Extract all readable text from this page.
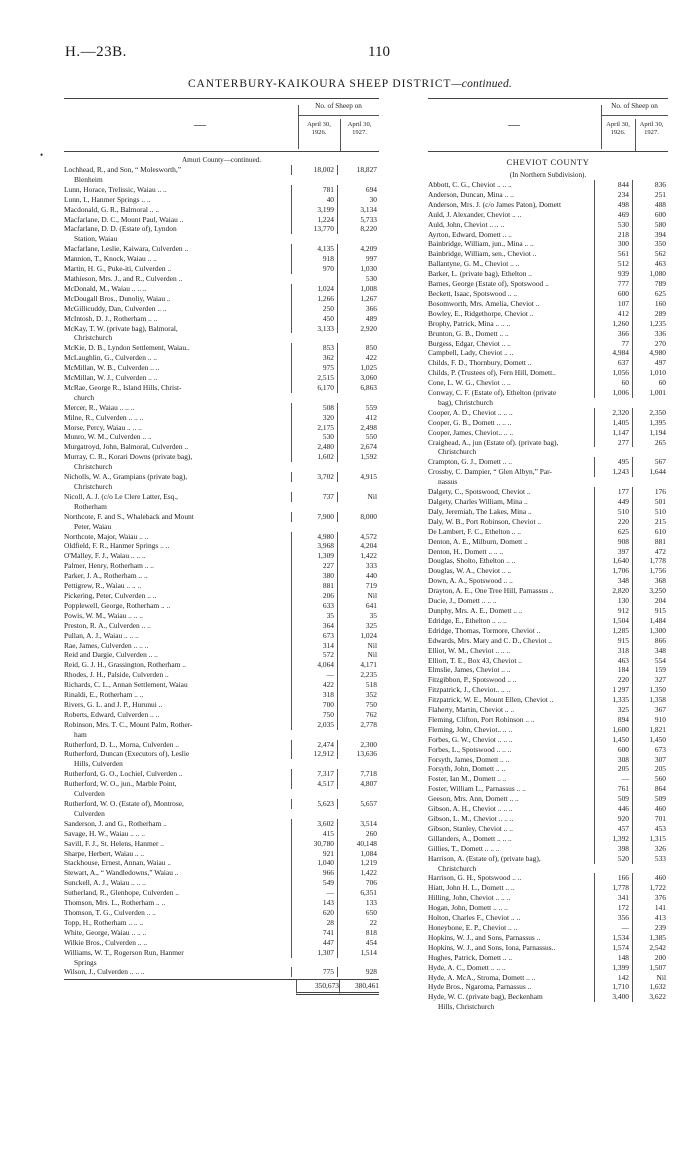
H.—23B.	110
CANTERBURY-KAIKOURA SHEEP DISTRICT—continued.
•
—
No. of Sheep on
April 30,
1926.
April 30,
1927.
Amuri County—continued.
Lochhead, R., and Son, “ Molesworth,”	18,002	18,827
Blenheim
Lunn, Horace, Trelissic, Waiau .. ..	781	694
Lunn, I., Hanmer Springs .. ..	40	30
Macdonald, G. R., Balmoral .. ..	3,199	3,134
Macfarlane, D. C., Mount Paul, Waiau ..	1,224	5,733
Macfarlane, D. D. (Estate of), Lyndon	13,770	8,220
Station, Waiau
Macfarlane, Leslie, Kaiwara, Culverden ..	4,135	4,209
Mannion, T., Knock, Waiau .. ..	918	997
Martin, H. G., Puke-iti, Culverden ..	970	1,030
Mathieson, Mrs. J., and R., Culverden ..	530
McDonald, M., Waiau .. .. ..	1,024	1,008
McDougall Bros., Dunoliy, Waiau ..	1,266	1,267
McGillicuddy, Dan, Culverden .. ..	250	366
McIntosh, D. J., Rotherham .. ..	450	489
McKay, T. W. (private bag), Balmoral,	3,133	2,920
Christchurch
McKie, D. B., Lyndon Settlement, Waiau..	853	850
McLaughlin, G., Culverden .. ..	362	422
McMillan, W. B., Culverden .. ..	975	1,025
McMillan, W. J., Culverden .. ..	2,515	3,060
McRae, George R., Island Hills, Christ-	6,170	6,863
church
Mercer, R., Waiau .. .. ..	508	559
Milne, R., Culverden .. .. ..	320	412
Morse, Percy, Waiau .. .. ..	2,175	2,498
Munro, W. M., Culverden .. ..	530	550
Murgatroyd, John, Balmoral, Culverden ..	2,480	2,674
Murray, C. R., Korari Downs (private bag),	1,602	1,592
Christchurch
Nicholls, W. A., Grampians (private bag),	3,702	4,915
Christchurch
Nicoll, A. J. (c/o Le Clere Latter, Esq.,	737	Nil
Rotherham
Northcote, F. and S., Whaleback and Mount	7,900	8,000
Peter, Waiau
Northcote, Major, Waiau .. ..	4,980	4,572
Oldfield, F. R., Hanmer Springs .. ..	3,968	4,204
O'Malley, F. J., Waiau .. .. ..	1,309	1,422
Palmer, Henry, Rotherham .. ..	227	333
Parker, J. A., Rotherham .. ..	380	440
Pettigrew, R., Waiau .. .. ..	881	719
Pickering, Peter, Culverden .. ..	206	Nil
Popplewell, George, Rotherham .. ..	633	641
Powis, W. M., Waiau .. .. ..	35	35
Preston, R. A., Culverden .. ..	364	325
Pullan, A. J., Waiau .. .. ..	673	1,024
Rae, James, Culverden .. .. ..	314	Nil
Reid and Dargie, Culverden .. ..	572	Nil
Reid, G. J. H., Grassington, Rotherham ..	4,064	4,171
Rhodes, J. H., Palside, Culverden ..	—	2,235
Richards, C. L., Annan Settlement, Waiau	422	518
Rinaldi, E., Rotherham .. ..	318	352
Rivers, G. L. and J. P., Hurunui ..	700	750
Roberts, Edward, Culverden .. ..	750	762
Robinson, Mrs. T. C., Mount Palm, Rother-	2,035	2,778
ham
Rutherford, D. L., Morna, Culverden ..	2,474	2,300
Rutherford, Duncan (Executors of), Leslie	12,912	13,636
Hills, Culverden
Rutherford, G. O., Lochiel, Culverden ..	7,317	7,718
Rutherford, W. O., jun., Marble Point,	4,517	4,807
Culverden
Rutherford, W. O. (Estate of), Montrose,	5,623	5,657
Culverden
Sanderson, J. and G., Rotherham ..	3,602	3,514
Savage, H. W., Waiau .. .. ..	415	260
Savill, F. J., St. Helens, Hanmer ..	30,780	40,148
Sharpe, Herbert, Waiau .. ..	921	1,084
Stackhouse, Ernest, Annan, Waiau ..	1,040	1,219
Stewart, A., “ Wandledowns,” Waiau ..	966	1,422
Sunckell, A. J., Waiau .. .. ..	549	706
Sutherland, R., Glenhope, Culverden ..	—	6,351
Thomson, Mrs. L., Rotherham .. ..	143	133
Thomson, T. G., Culverden .. ..	620	650
Topp, H., Rotherham .. .. ..	28	22
White, George, Waiau .. .. ..	741	818
Wilkie Bros., Culverden .. ..	447	454
Williams, W. T., Rogerson Run, Hanmer	1,307	1,514
Springs
Wilson, J., Culverden .. .. ..	775	928
350,673	380,461
—
No. of Sheep on
April 30,
1926.
April 30,
1927.
CHEVIOT COUNTY
(In Northern Subdivision).
Abbott, C. G., Cheviot .. .. ..	844	836
Anderson, Duncan, Mina .. ..	234	251
Anderson, Mrs. J. (c/o James Paton), Domett	498	488
Auld, J. Alexander, Cheviot .. ..	469	600
Auld, John, Cheviot .. .. ..	530	580
Ayrton, Edward, Domett .. ..	218	394
Bainbridge, William, jun., Mina .. ..	300	350
Bainbridge, William, sen., Cheviot ..	561	562
Ballantyne, G. M., Cheviot .. ..	512	463
Barker, L. (private bag), Ethelton ..	939	1,080
Barnes, George (Estate of), Spotswood ..	777	789
Beckett, Isaac, Spotswood .. ..	600	625
Bosomworth, Mrs. Amelia, Cheviot ..	107	160
Bowley, E., Ridgethorpe, Cheviot ..	412	289
Brophy, Patrick, Mina .. .. ..	1,260	1,235
Brunton, G. B., Domett .. ..	366	336
Burgess, Edgar, Cheviot .. ..	77	270
Campbell, Lady, Cheviot .. ..	4,984	4,980
Childs, F. D., Thornbury, Domett ..	637	497
Childs, P. (Trustees of), Fern Hill, Domett..	1,056	1,010
Cone, L. W. G., Cheviot .. ..	60	60
Conway, C. F. (Estate of), Ethelton (private	1,006	1,001
bag), Christchurch
Cooper, A. D., Cheviot .. .. ..	2,320	2,350
Cooper, G. B., Domett .. .. ..	1,405	1,395
Cooper, James, Cheviot.. .. ..	1,147	1,194
Craighead, A., jun (Estate of). (private bag),	277	265
Christchurch
Crampton, G. J., Domett .. ..	495	567
Crossby, C. Dampier, “ Glen Albyn,” Par-	1,243	1,644
nassus
Dalgety, C., Spotswood, Cheviot ..	177	176
Dalgety, Charles William, Mina ..	449	501
Daly, Jeremiah, The Lakes, Mina ..	510	510
Daly, W. B., Port Robinson, Cheviot ..	220	215
De Lambert, F. C., Ethelton .. ..	625	610
Denton, A. E., Milburn, Domett ..	908	881
Denton, H., Domett .. .. ..	397	472
Douglas, Sholto, Ethelton .. ..	1,640	1,778
Douglas, W. A., Cheviot .. ..	1,706	1,756
Down, A. A., Spotswood .. ..	348	368
Drayton, A. E., One Tree Hill, Parnassus ..	2,820	3,250
Ducie, J., Domett .. .. ..	130	204
Dunphy, Mrs. A. E., Domett .. ..	912	915
Edridge, E., Ethelton .. .. ..	1,504	1,484
Edridge, Thomas, Tormore, Cheviot ..	1,285	1,300
Edwards, Mrs. Mary and C. D., Cheviot ..	915	866
Elliot, W. M., Cheviot .. .. ..	318	348
Elliott, T. E., Box 43, Cheviot ..	463	554
Elmslie, James, Cheviot .. ..	184	159
Fitzgibbon, P., Spotswood .. ..	220	327
Fitzpatrick, J., Cheviot.. .. ..	1 297	1,350
Fitzpatrick, W. E., Mount Ellen, Cheviot ..	1,335	1,358
Flaherty, Martin, Cheviot .. ..	325	367
Fleming, Clifton, Port Robinson .. ..	894	910
Fleming, John, Cheviot.. .. ..	1,600	1,821
Forbes, G. W., Cheviot .. .. ..	1,450	1,450
Forbes, L., Spotswood .. .. ..	600	673
Forsyth, James, Domett .. ..	308	307
Forsyth, John, Domett .. ..	205	205
Foster, Ian M., Domett .. ..	—	560
Foster, William L., Parnassus .. ..	761	864
Geeson, Mrs. Ann, Domett .. ..	509	509
Gibson, A. H., Cheviot .. .. ..	446	460
Gibson, L. M., Cheviot .. .. ..	920	701
Gibson, Stanley, Cheviot .. ..	457	453
Gillanders, A., Domett .. .. ..	1,392	1,315
Gillies, T., Domett .. .. ..	398	326
Harrison, A. (Estate of), (private bag),	520	533
Christchurch
Harrison, G. H., Spotswood .. ..	166	460
Hiatt, John H. L., Domett .. ..	1,778	1,722
Hilling, John, Cheviot .. .. ..	341	376
Hogan, John, Domett .. .. ..	172	141
Holton, Charles F., Cheviot .. ..	356	413
Honeybone, E. P., Cheviot .. ..	—	239
Hopkins, W. J., and Sons, Parnassus ..	1,534	1,385
Hopkins, W. J., and Sons, Iona, Parnassus..	1,574	2,542
Hughes, Patrick, Domett .. ..	148	200
Hyde, A. C., Domett .. .. ..	1,399	1,507
Hyde, A. McA., Stroma, Domett .. ..	142	Nil
Hyde Bros., Ngaroma, Parnassus ..	1,710	1,632
Hyde, W. C. (private bag), Beckenham	3,400	3,622
Hills, Christchurch
